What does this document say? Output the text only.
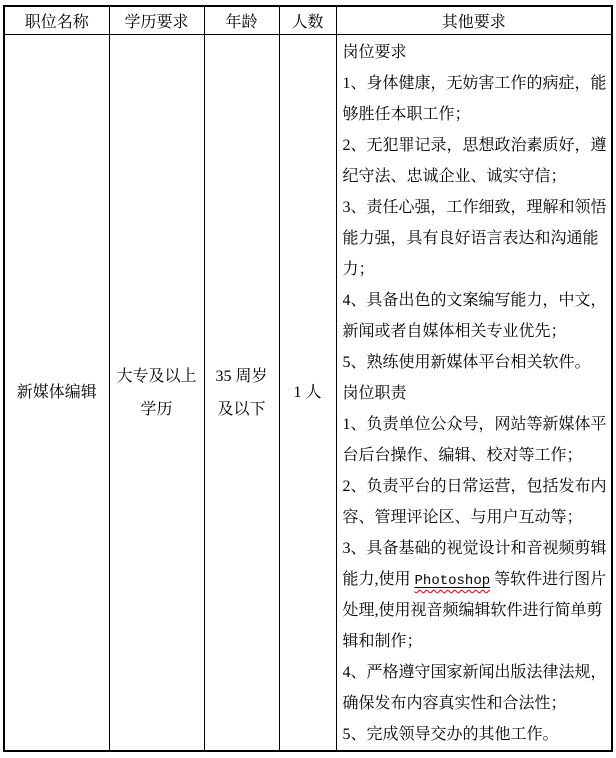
职位名称	学历要求	年龄	人数	其他要求

新媒体编辑

大专及以上
学历

35 周岁
及以下

1 人

岗位要求
1、身体健康，无妨害工作的病症，能
够胜任本职工作；
2、无犯罪记录，思想政治素质好，遵
纪守法、忠诚企业、诚实守信；
3、责任心强，工作细致，理解和领悟
能力强，具有良好语言表达和沟通能
力；
4、具备出色的文案编写能力，中文，
新闻或者自媒体相关专业优先；
5、熟练使用新媒体平台相关软件。
岗位职责
1、负责单位公众号，网站等新媒体平
台后台操作、编辑、校对等工作；
2、负责平台的日常运营，包括发布内
容、管理评论区、与用户互动等；
3、具备基础的视觉设计和音视频剪辑
能力,使用 Photoshop 等软件进行图片
处理,使用视音频编辑软件进行简单剪
辑和制作；
4、严格遵守国家新闻出版法律法规，
确保发布内容真实性和合法性；
5、完成领导交办的其他工作。
